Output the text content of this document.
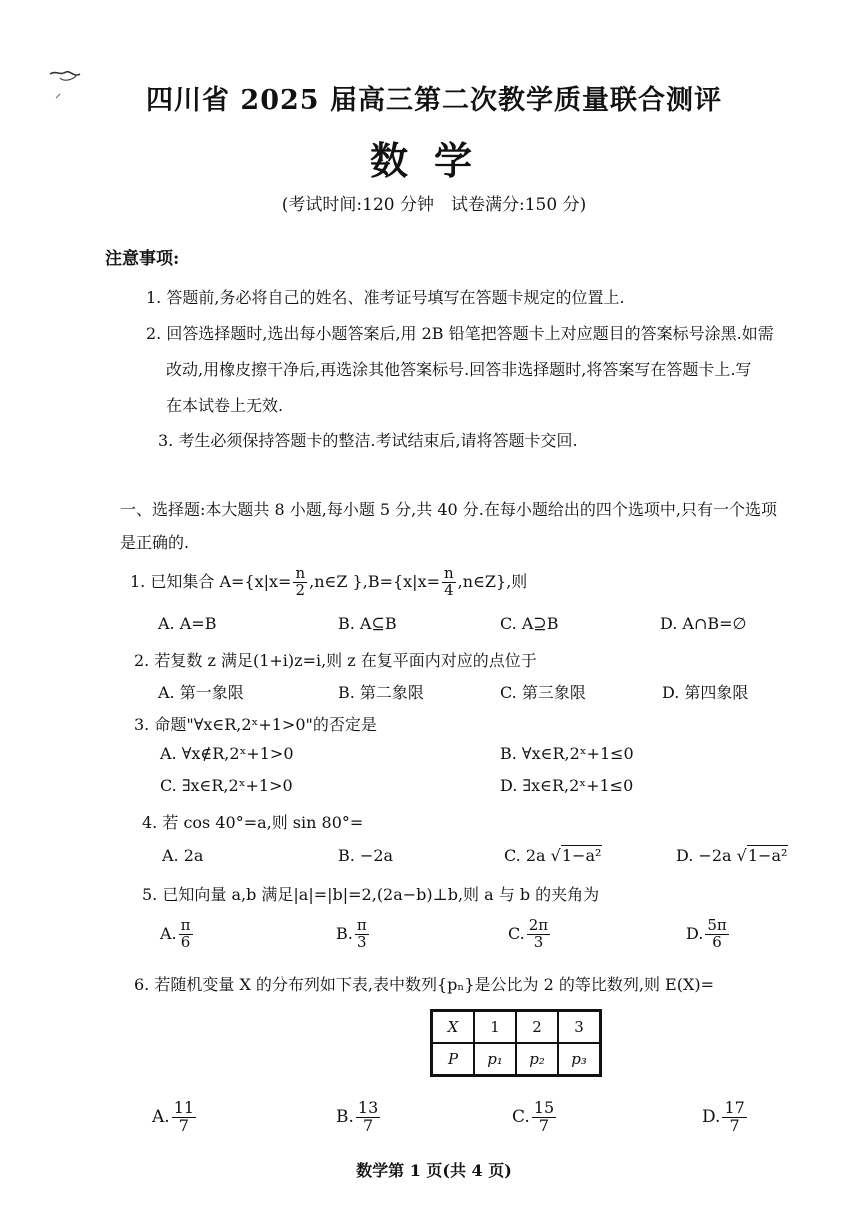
四川省 2025 届高三第二次教学质量联合测评
数学
(考试时间:120 分钟　试卷满分:150 分)
注意事项:
1. 答题前,务必将自己的姓名、准考证号填写在答题卡规定的位置上.
2. 回答选择题时,选出每小题答案后,用 2B 铅笔把答题卡上对应题目的答案标号涂黑.如需
改动,用橡皮擦干净后,再选涂其他答案标号.回答非选择题时,将答案写在答题卡上.写
在本试卷上无效.
3. 考生必须保持答题卡的整洁.考试结束后,请将答题卡交回.
一、选择题:本大题共 8 小题,每小题 5 分,共 40 分.在每小题给出的四个选项中,只有一个选项
是正确的.
1. 已知集合 $A=\{x|x= \frac{n}{2}$ ,n∈Z }$,B=\{x|x= \frac{n}{4}$ ,n∈Z},则
A. A=B	B. A⊆B	C. A⊇B	D. A∩B=∅
2. 若复数 z 满足(1+i)z=i,则 z 在复平面内对应的点位于
A. 第一象限	B. 第二象限	C. 第三象限	D. 第四象限
3. 命题"∀x∈R,2ˣ+1>0"的否定是
A. ∀x∉R,2ˣ+1>0	B. ∀x∈R,2ˣ+1≤0
C. ∃x∈R,2ˣ+1>0	D. ∃x∈R,2ˣ+1≤0
4. 若 cos 40°=a,则 sin 80°=
A. 2a	B. −2a	C. 2a √1−a²	D. −2a √1−a²
5. 已知向量 a,b 满足|a|=|b|=2,(2a−b)⊥b,则 a 与 b 的夹角为
A. $\frac{\pi}{6}$	B. $\frac{\pi}{3}$	C. $\frac{2\pi}{3}$	D. $\frac{5\pi}{6}$
6. 若随机变量 X 的分布列如下表,表中数列{pₙ}是公比为 2 的等比数列,则 E(X)=
X	1	2	3
P	p₁	p₂	p₃
A. $\frac{11}{7}$	B. $\frac{13}{7}$	C. $\frac{15}{7}$	D. $\frac{17}{7}$
数学第 1 页(共 4 页)
